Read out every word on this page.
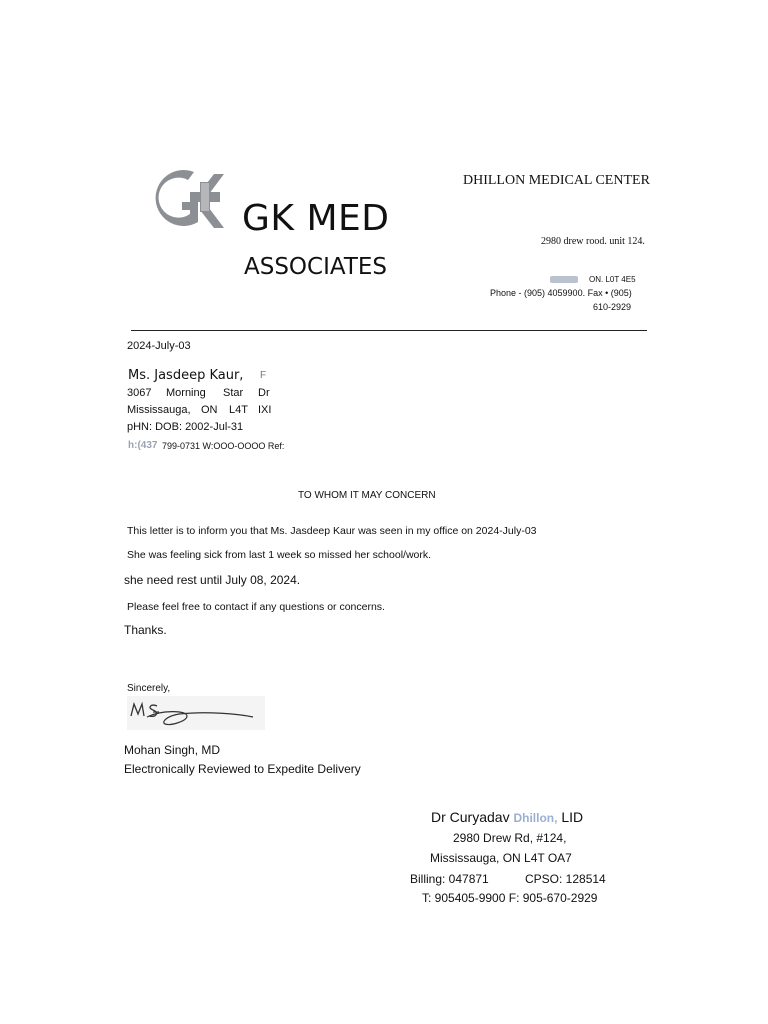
GK MED
ASSOCIATES
DHILLON MEDICAL CENTER
2980 drew rood. unit 124.
ON. L0T 4E5
Phone - (905) 4059900. Fax • (905)
610-2929
2024-July-03
Ms. Jasdeep Kaur, F
3067 Morning Star Dr
Mississauga, ON L4T IXI
pHN: DOB: 2002-Jul-31
h:(437 799-0731 W:OOO-OOOO Ref:
TO WHOM IT MAY CONCERN
This letter is to inform you that Ms. Jasdeep Kaur was seen in my office on 2024-July-03
She was feeling sick from last 1 week so missed her school/work.
she need rest until July 08, 2024.
Please feel free to contact if any questions or concerns.
Thanks.
Sincerely,
Mohan Singh, MD
Electronically Reviewed to Expedite Delivery
Dr Curyadav Dhillon, LID
2980 Drew Rd, #124,
Mississauga, ON L4T OA7
Billing: 047871	CPSO: 128514
T: 905405-9900 F: 905-670-2929
